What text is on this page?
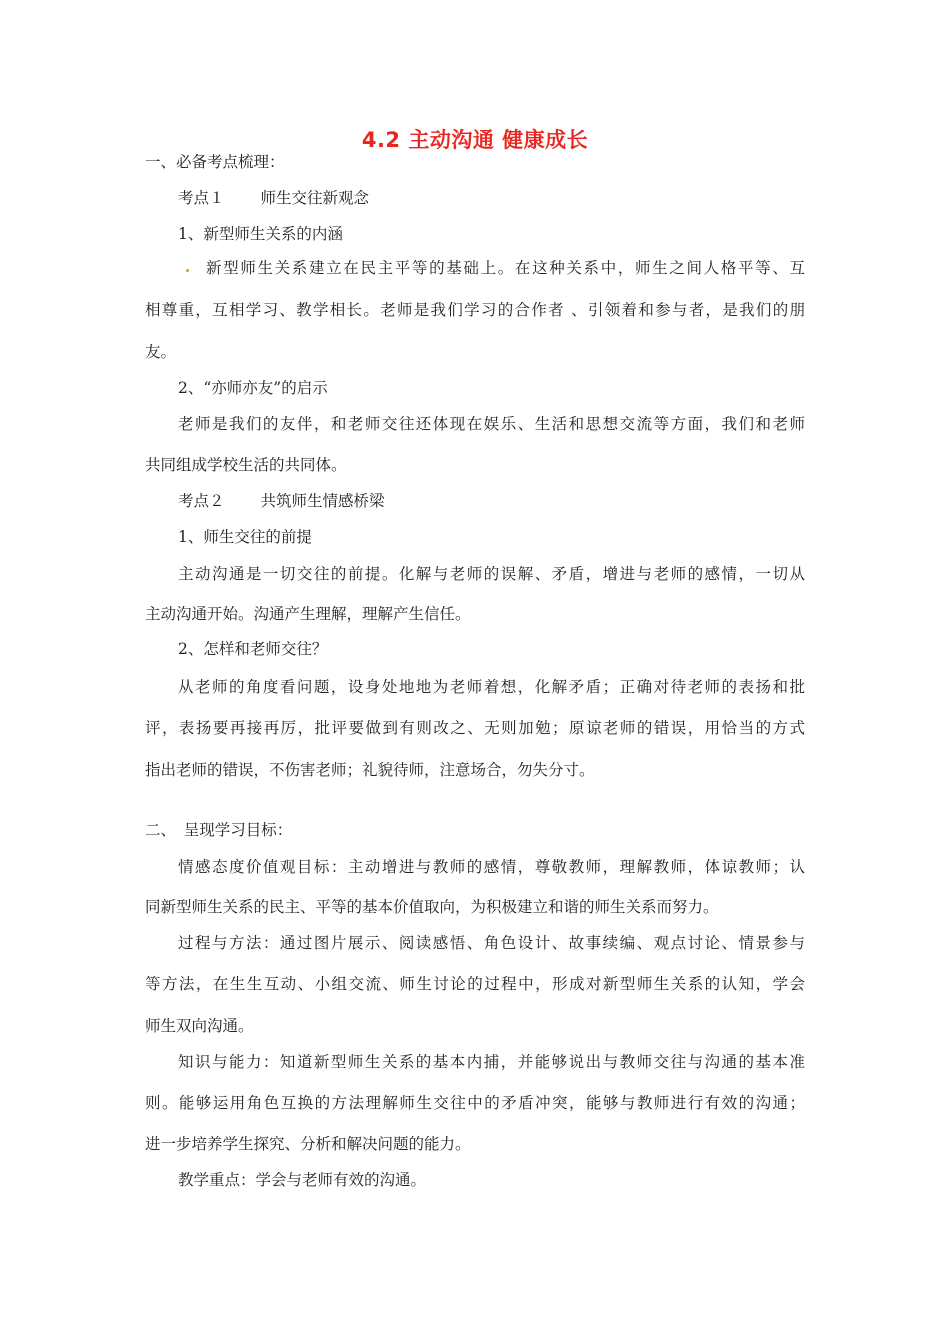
4.2 主动沟通 健康成长
一、必备考点梳理：
考点１ 师生交往新观念
1、新型师生关系的内涵
新型师生关系建立在民主平等的基础上。在这种关系中，师生之间人格平等、互
相尊重，互相学习、教学相长。老师是我们学习的合作者 、引领着和参与者，是我们的朋
友。
2、“亦师亦友”的启示
老师是我们的友伴，和老师交往还体现在娱乐、生活和思想交流等方面，我们和老师
共同组成学校生活的共同体。
考点２ 共筑师生情感桥梁
1、师生交往的前提
主动沟通是一切交往的前提。化解与老师的误解、矛盾，增进与老师的感情，一切从
主动沟通开始。沟通产生理解，理解产生信任。
2、怎样和老师交往？
从老师的角度看问题，设身处地地为老师着想，化解矛盾；正确对待老师的表扬和批
评，表扬要再接再厉，批评要做到有则改之、无则加勉；原谅老师的错误，用恰当的方式
指出老师的错误，不伤害老师；礼貌待师，注意场合，勿失分寸。
二、　呈现学习目标：
情感态度价值观目标：主动增进与教师的感情，尊敬教师，理解教师，体谅教师；认
同新型师生关系的民主、平等的基本价值取向，为积极建立和谐的师生关系而努力。
过程与方法：通过图片展示、阅读感悟、角色设计、故事续编、观点讨论、情景参与
等方法，在生生互动、小组交流、师生讨论的过程中，形成对新型师生关系的认知，学会
师生双向沟通。
知识与能力：知道新型师生关系的基本内捕，并能够说出与教师交往与沟通的基本准
则。能够运用角色互换的方法理解师生交往中的矛盾冲突，能够与教师进行有效的沟通；
进一步培养学生探究、分析和解决问题的能力。
教学重点：学会与老师有效的沟通。
